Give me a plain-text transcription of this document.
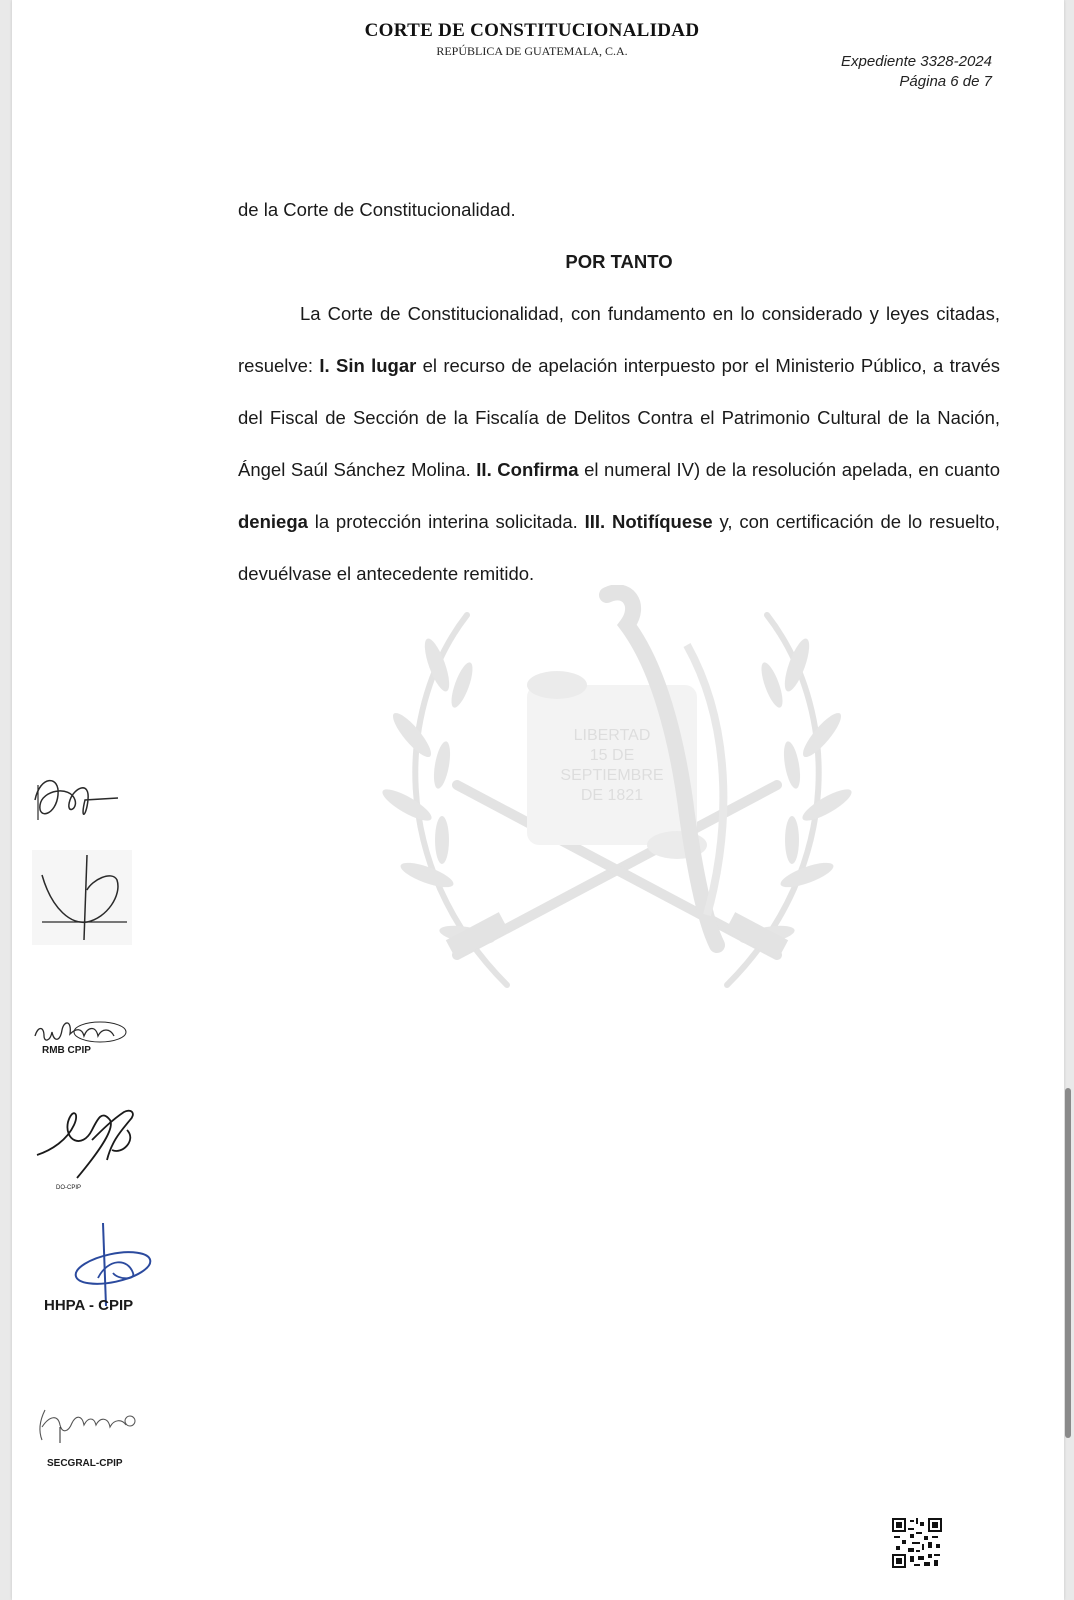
CORTE DE CONSTITUCIONALIDAD
REPÚBLICA DE GUATEMALA, C.A.
Expediente 3328-2024
Página 6 de 7
LIBERTAD
15 DE
SEPTIEMBRE
DE 1821

de la Corte de Constitucionalidad.

POR TANTO

La Corte de Constitucionalidad, con fundamento en lo considerado y leyes citadas, resuelve: I. Sin lugar el recurso de apelación interpuesto por el Ministerio Público, a través del Fiscal de Sección de la Fiscalía de Delitos Contra el Patrimonio Cultural de la Nación, Ángel Saúl Sánchez Molina. II. Confirma el numeral IV) de la resolución apelada, en cuanto deniega la protección interina solicitada. III. Notifíquese y, con certificación de lo resuelto, devuélvase el antecedente remitido.

RMB CPIP
DO-CPIP
HHPA - CPIP
SECGRAL-CPIP
